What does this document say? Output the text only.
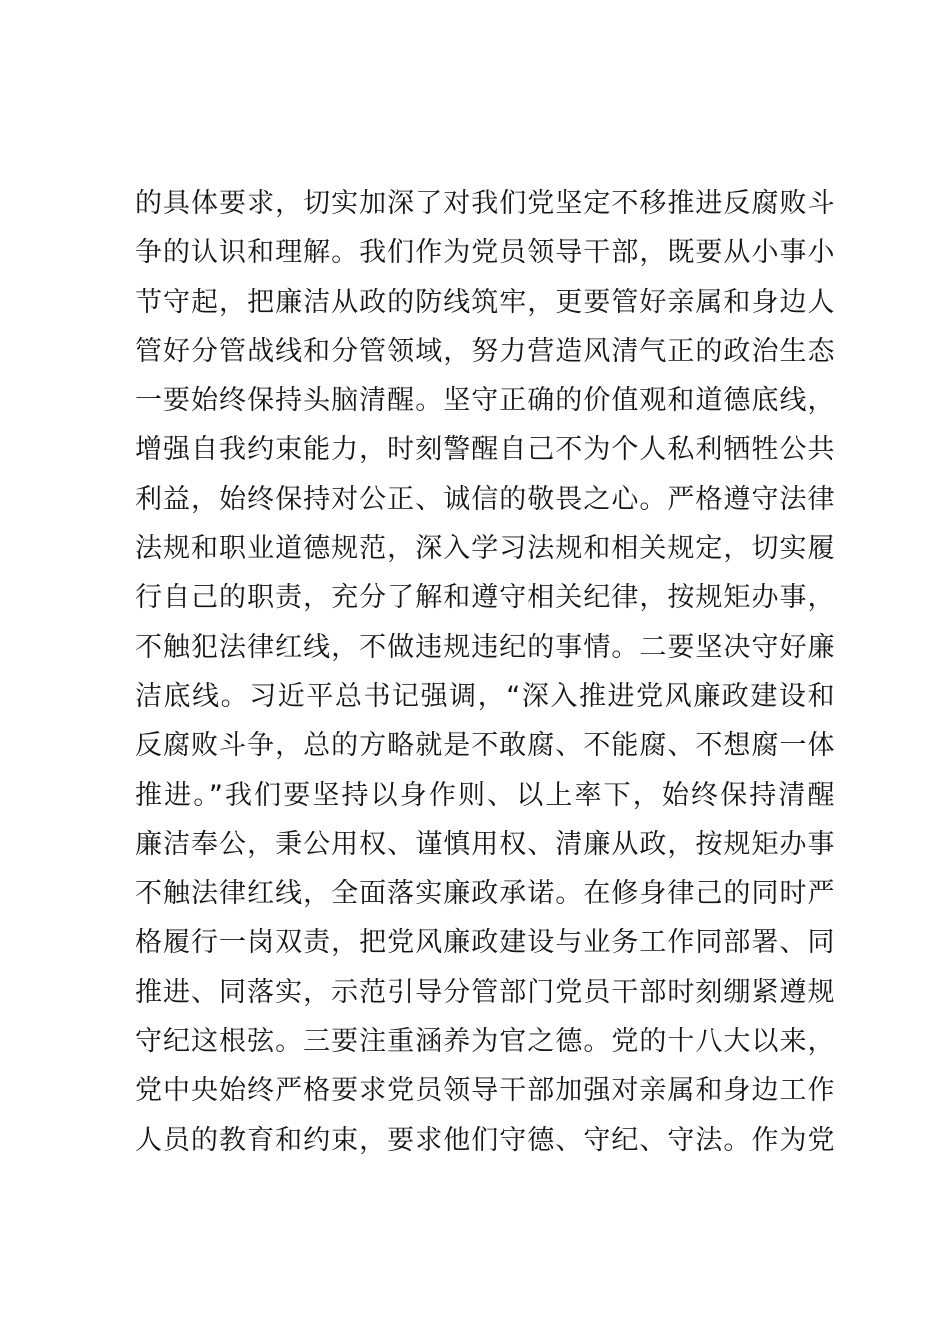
的具体要求，切实加深了对我们党坚定不移推进反腐败斗
争的认识和理解。我们作为党员领导干部，既要从小事小
节守起，把廉洁从政的防线筑牢，更要管好亲属和身边人
管好分管战线和分管领域，努力营造风清气正的政治生态
一要始终保持头脑清醒。坚守正确的价值观和道德底线，
增强自我约束能力，时刻警醒自己不为个人私利牺牲公共
利益，始终保持对公正、诚信的敬畏之心。严格遵守法律
法规和职业道德规范，深入学习法规和相关规定，切实履
行自己的职责，充分了解和遵守相关纪律，按规矩办事，
不触犯法律红线，不做违规违纪的事情。二要坚决守好廉
洁底线。习近平总书记强调，“深入推进党风廉政建设和
反腐败斗争，总的方略就是不敢腐、不能腐、不想腐一体
推进。”我们要坚持以身作则、以上率下，始终保持清醒
廉洁奉公，秉公用权、谨慎用权、清廉从政，按规矩办事
不触法律红线，全面落实廉政承诺。在修身律己的同时严
格履行一岗双责，把党风廉政建设与业务工作同部署、同
推进、同落实，示范引导分管部门党员干部时刻绷紧遵规
守纪这根弦。三要注重涵养为官之德。党的十八大以来，
党中央始终严格要求党员领导干部加强对亲属和身边工作
人员的教育和约束，要求他们守德、守纪、守法。作为党
